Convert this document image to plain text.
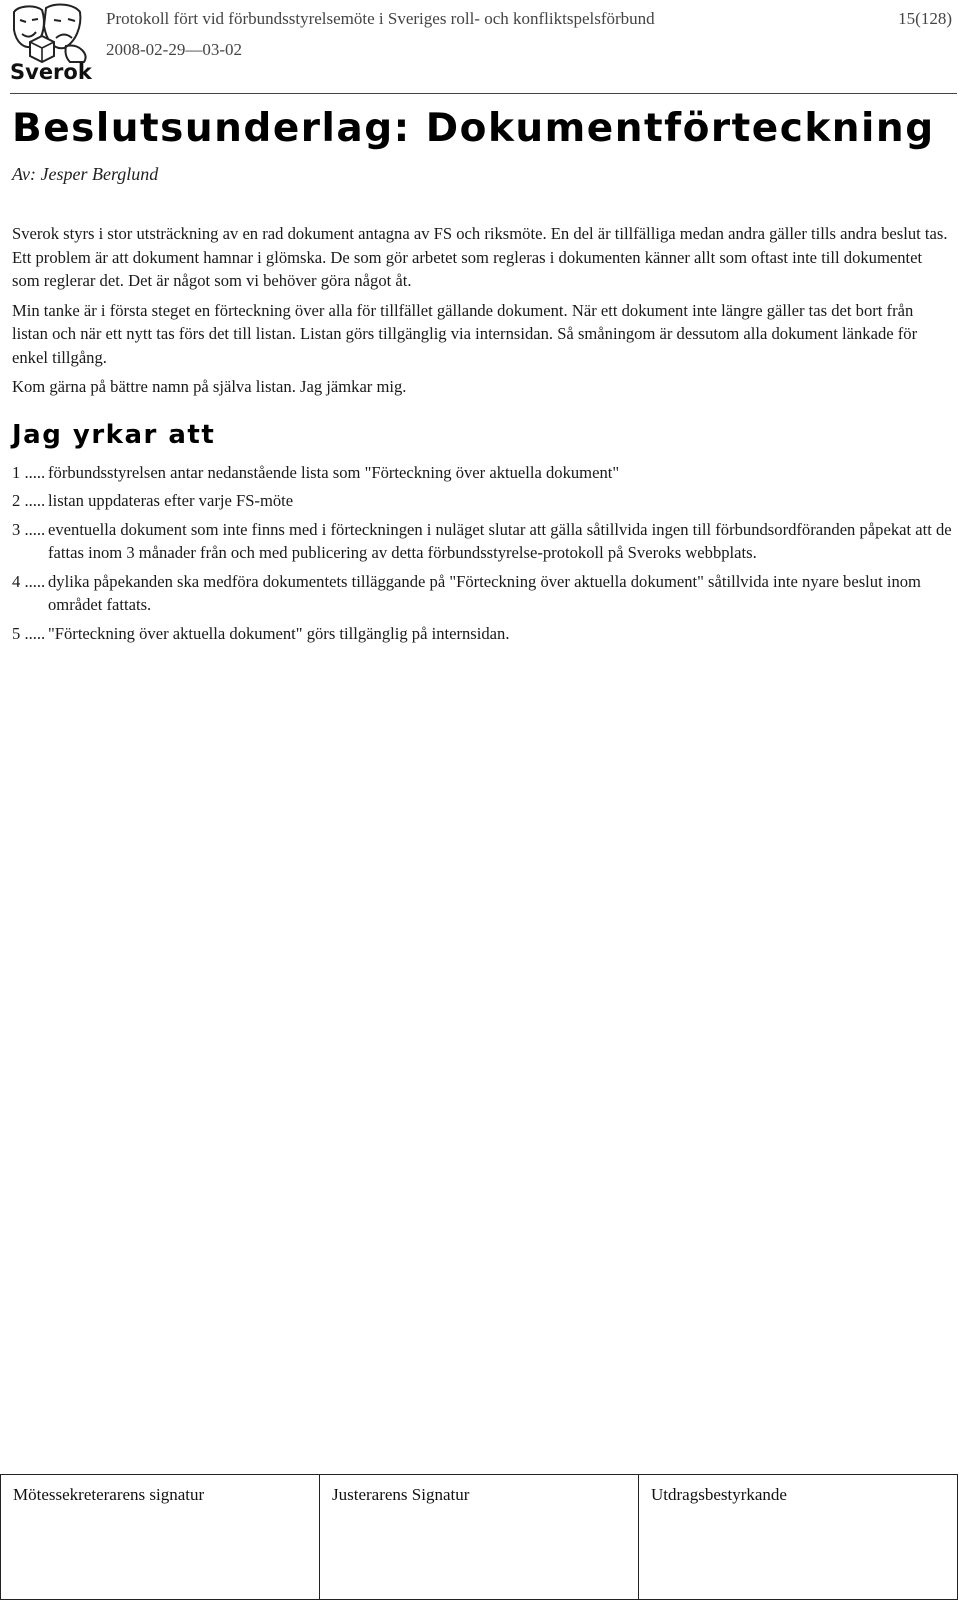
Sverok
Protokoll fört vid förbundsstyrelsemöte i Sveriges roll- och konfliktspelsförbund
2008-02-29—03-02
15(128)
Beslutsunderlag: Dokumentförteckning
Av: Jesper Berglund

Sverok styrs i stor utsträckning av en rad dokument antagna av FS och riksmöte. En del är tillfälliga medan andra gäller tills andra beslut tas. Ett problem är att dokument hamnar i glömska. De som gör arbetet som regleras i dokumenten känner allt som oftast inte till dokumentet som reglerar det. Det är något som vi behöver göra något åt.

Min tanke är i första steget en förteckning över alla för tillfället gällande dokument. När ett dokument inte längre gäller tas det bort från listan och när ett nytt tas förs det till listan. Listan görs tillgänglig via internsidan. Så småningom är dessutom alla dokument länkade för enkel tillgång.

Kom gärna på bättre namn på själva listan. Jag jämkar mig.

Jag yrkar att
1 ..... förbundsstyrelsen antar nedanstående lista som "Förteckning över aktuella dokument"
2 ..... listan uppdateras efter varje FS-möte
3 ..... eventuella dokument som inte finns med i förteckningen i nuläget slutar att gälla såtillvida ingen till förbundsordföranden påpekat att de fattas inom 3 månader från och med publicering av detta förbundsstyrelse-protokoll på Sveroks webbplats.
4 ..... dylika påpekanden ska medföra dokumentets tilläggande på "Förteckning över aktuella dokument" såtillvida inte nyare beslut inom området fattats.
5 ..... "Förteckning över aktuella dokument" görs tillgänglig på internsidan.
Mötessekreterarens signatur	Justerarens Signatur	Utdragsbestyrkande
